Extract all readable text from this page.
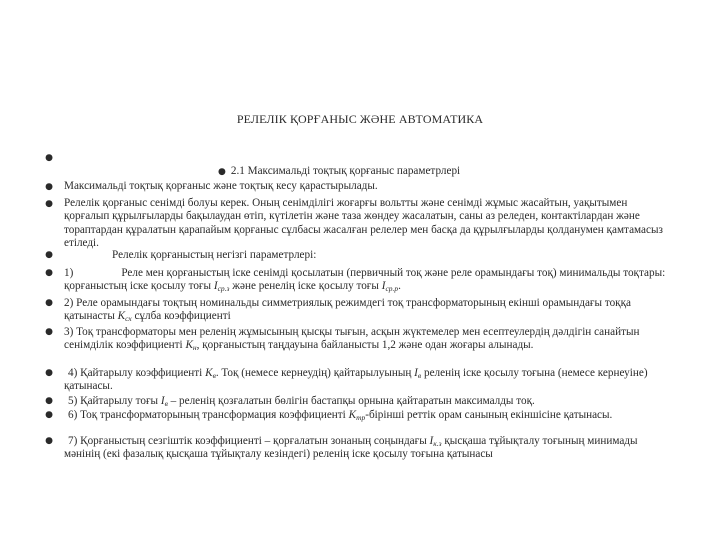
РЕЛЕЛІК ҚОРҒАНЫС ЖӘНЕ АВТОМАТИКА
●
●
●
●
●
●
●
●
●
●
●
● 2.1 Максимальді тоқтық қорғаныс параметрлері
Максимальді тоқтық қорғаныс және тоқтық кесу қарастырылады.
Релелік қорғаныс сенімді болуы керек. Оның сенімділігі жоғарғы вольтты және сенімді жұмыс жасайтын, уақытымен қорғалып құрылғыларды бақылаудан өтіп, күтілетін және таза жөндеу жасалатын, саны аз реледен, контактілардан және тораптардан құралатын қарапайым қорғаныс сұлбасы жасалған релелер мен басқа да құрылғыларды қолданумен қамтамасыз етіледі.
Релелік қорғаныстың негізгі параметрлері:
1)	Реле мен қорғаныстың іске сенімді қосылатын (первичный тоқ және реле орамындағы тоқ) минимальды тоқтары: қорғаныстың іске қосылу тоғы $I_{ср.з}$ және ренелің іске қосылу тоғы $I_{ср.р}$.
2) Реле орамындағы тоқтың номинальды симметриялық режимдегі тоқ трансформаторының екінші орамындағы тоққа қатынасты $K_{сх}$ сұлба коэффициенті
3) Тоқ трансформаторы мен реленің жұмысының қысқы тығын, асқын жүктемелер мен есептеулердің дәлдігін санайтын сенімділік коэффициенті $K_н$, қорғаныстың таңдауына байланысты 1,2 және одан жоғары алынады.
4) Қайтарылу коэффициенті $K_в$. Тоқ (немесе кернеудің) қайтарылуының $I_в$ реленің іске қосылу тоғына (немесе кернеуіне) қатынасы.
5) Қайтарылу тоғы $I_в$ – реленің қозғалатын бөлігін бастапқы орнына қайтаратын максималды тоқ.
6) Тоқ трансформаторының трансформация коэффициенті $K_{тр}$-бірінші реттік орам санының екіншісіне қатынасы.
7) Қорғаныстың сезгіштік коэффициенті – қорғалатын зонаның соңындағы $I_{к.з}$ қысқаша тұйықталу тоғының минимады мәнінің (екі фазалық қысқаша тұйықталу кезіндегі) реленің іске қосылу тоғына қатынасы
